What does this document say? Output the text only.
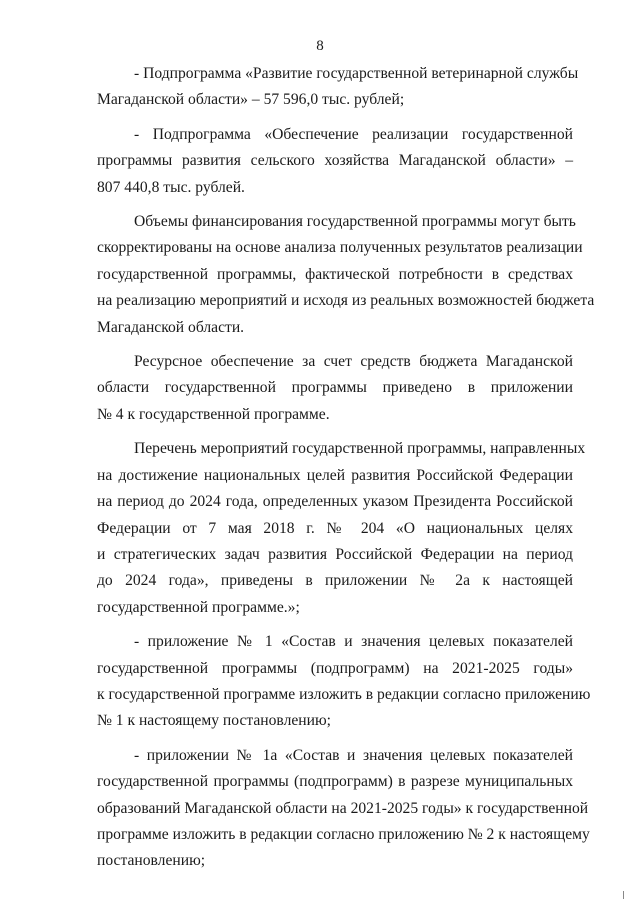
8

- Подпрограмма «Развитие государственной ветеринарной службы
Магаданской области» – 57 596,0 тыс. рублей;

- Подпрограмма «Обеспечение реализации государственной
программы развития сельского хозяйства Магаданской области» –
807 440,8 тыс. рублей.

Объемы финансирования государственной программы могут быть
скорректированы на основе анализа полученных результатов реализации
государственной программы, фактической потребности в средствах
на реализацию мероприятий и исходя из реальных возможностей бюджета
Магаданской области.

Ресурсное обеспечение за счет средств бюджета Магаданской
области государственной программы приведено в приложении
№ 4 к государственной программе.

Перечень мероприятий государственной программы, направленных
на достижение национальных целей развития Российской Федерации
на период до 2024 года, определенных указом Президента Российской
Федерации от 7 мая 2018 г. № 204 «О национальных целях
и стратегических задач развития Российской Федерации на период
до 2024 года», приведены в приложении № 2а к настоящей
государственной программе.»;

- приложение № 1 «Состав и значения целевых показателей
государственной программы (подпрограмм) на 2021-2025 годы»
к государственной программе изложить в редакции согласно приложению
№ 1 к настоящему постановлению;

- приложении № 1а «Состав и значения целевых показателей
государственной программы (подпрограмм) в разрезе муниципальных
образований Магаданской области на 2021-2025 годы» к государственной
программе изложить в редакции согласно приложению № 2 к настоящему
постановлению;
